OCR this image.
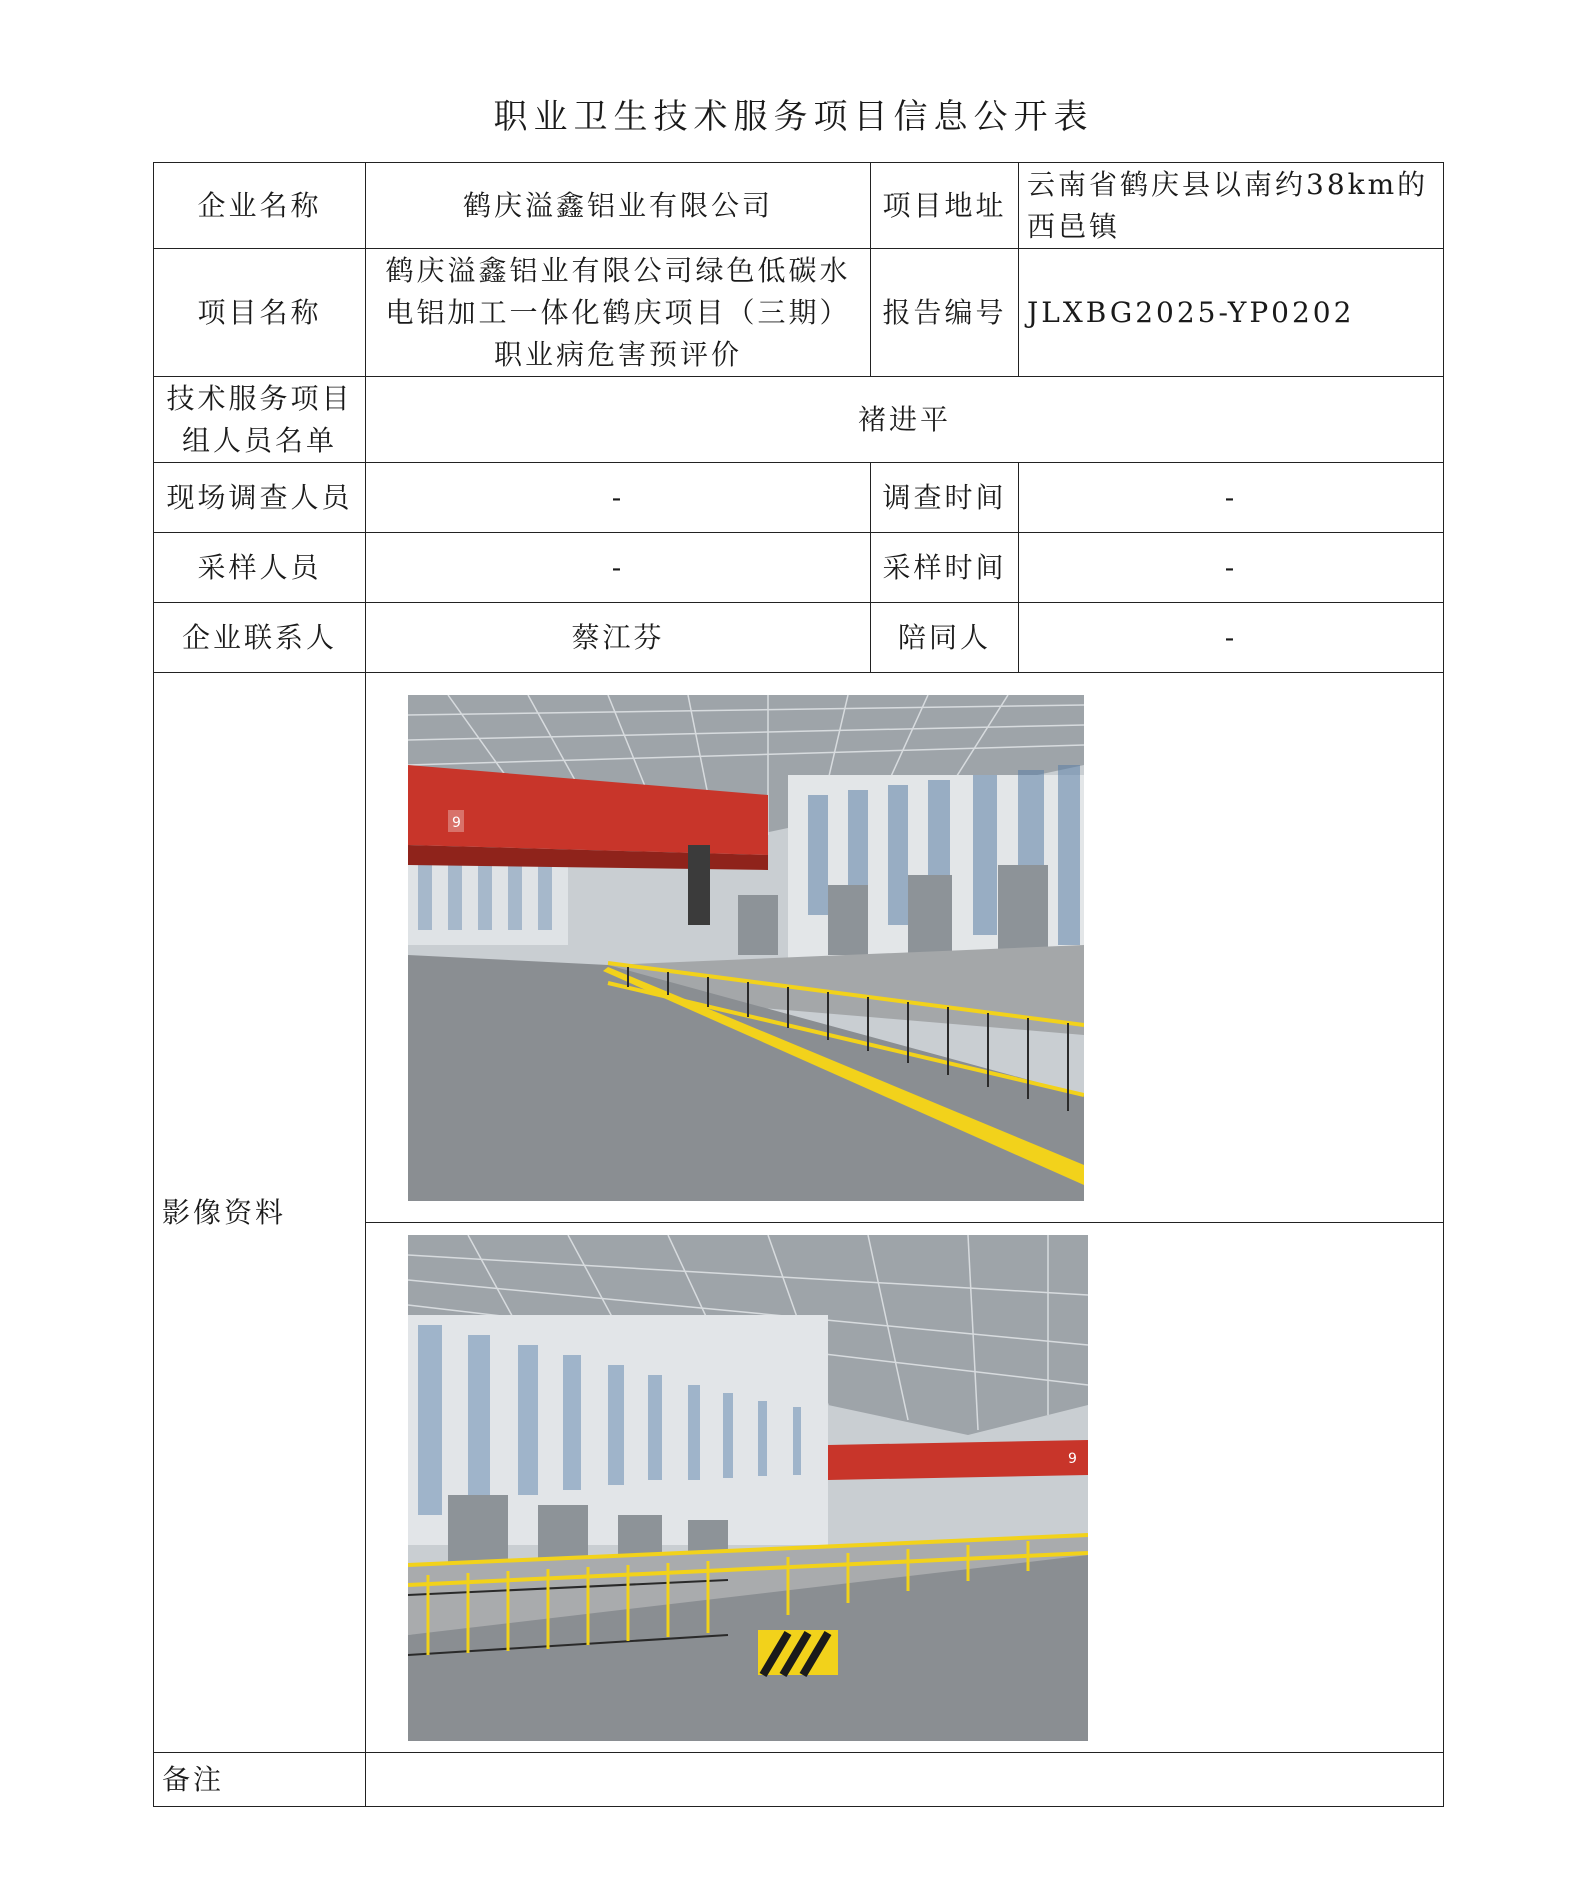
职业卫生技术服务项目信息公开表
企业名称	鹤庆溢鑫铝业有限公司	项目地址	云南省鹤庆县以南约38km的西邑镇
项目名称	鹤庆溢鑫铝业有限公司绿色低碳水电铝加工一体化鹤庆项目（三期）职业病危害预评价	报告编号	JLXBG2025-YP0202
技术服务项目组人员名单	褚进平		
现场调查人员	-	调查时间	-
采样人员	-	采样时间	-
企业联系人	蔡江芬	陪同人	-
影像资料	9		

9		

备注			
